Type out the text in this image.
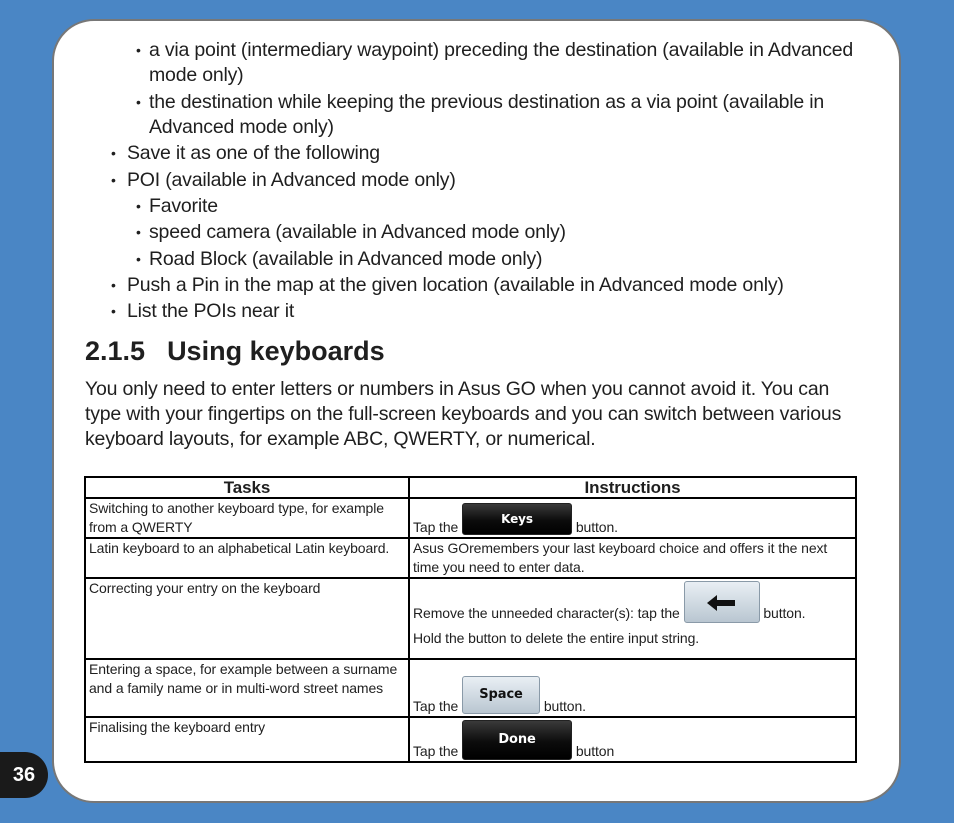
• a via point (intermediary waypoint) preceding the destination (available in Advanced
mode only)
• the destination while keeping the previous destination as a via point (available in
Advanced mode only)
• Save it as one of the following
• POI (available in Advanced mode only)
• Favorite
• speed camera (available in Advanced mode only)
• Road Block (available in Advanced mode only)
• Push a Pin in the map at the given location (available in Advanced mode only)
• List the POIs near it
2.1.5 Using keyboards
You only need to enter letters or numbers in Asus GO when you cannot avoid it. You can type with your fingertips on the full-screen keyboards and you can switch between various keyboard layouts, for example ABC, QWERTY, or numerical.
Tasks	Instructions
Switching to another keyboard type, for example from a QWERTY	Tap the Keys button.
Latin keyboard to an alphabetical Latin keyboard.	Asus GOremembers your last keyboard choice and offers it the next time you need to enter data.
Correcting your entry on the keyboard	Remove the unneeded character(s): tap the button.
Hold the button to delete the entire input string.

Entering a space, for example between a surname and a family name or in multi-word street names	Tap the Space button.
Finalising the keyboard entry	Tap the Done button
36
